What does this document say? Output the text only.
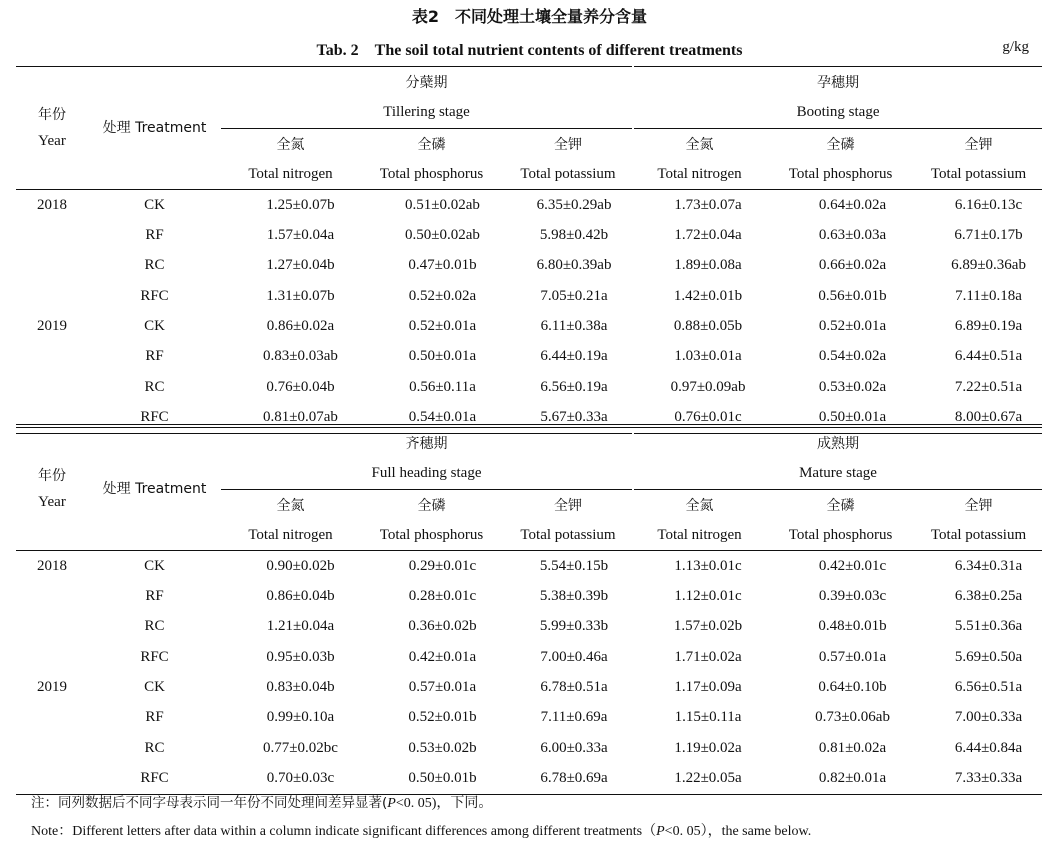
表2　不同处理土壤全量养分含量
Tab. 2　The soil total nutrient contents of different treatments	g/kg
年份
Year	处理 Treatment	分蘖期			孕穗期		
		Tillering stage			Booting stage		
		全氮	全磷	全钾	全氮	全磷	全钾
		Total nitrogen	Total phosphorus	Total potassium	Total nitrogen	Total phosphorus	Total potassium
2018	CK	1.25±0.07b	0.51±0.02ab	6.35±0.29ab	1.73±0.07a	0.64±0.02a	6.16±0.13c
	RF	1.57±0.04a	0.50±0.02ab	5.98±0.42b	1.72±0.04a	0.63±0.03a	6.71±0.17b
	RC	1.27±0.04b	0.47±0.01b	6.80±0.39ab	1.89±0.08a	0.66±0.02a	6.89±0.36ab
	RFC	1.31±0.07b	0.52±0.02a	7.05±0.21a	1.42±0.01b	0.56±0.01b	7.11±0.18a
2019	CK	0.86±0.02a	0.52±0.01a	6.11±0.38a	0.88±0.05b	0.52±0.01a	6.89±0.19a
	RF	0.83±0.03ab	0.50±0.01a	6.44±0.19a	1.03±0.01a	0.54±0.02a	6.44±0.51a
	RC	0.76±0.04b	0.56±0.11a	6.56±0.19a	0.97±0.09ab	0.53±0.02a	7.22±0.51a
	RFC	0.81±0.07ab	0.54±0.01a	5.67±0.33a	0.76±0.01c	0.50±0.01a	8.00±0.67a
年份
Year	处理 Treatment	齐穗期			成熟期		
		Full heading stage			Mature stage		
		全氮	全磷	全钾	全氮	全磷	全钾
		Total nitrogen	Total phosphorus	Total potassium	Total nitrogen	Total phosphorus	Total potassium
2018	CK	0.90±0.02b	0.29±0.01c	5.54±0.15b	1.13±0.01c	0.42±0.01c	6.34±0.31a
	RF	0.86±0.04b	0.28±0.01c	5.38±0.39b	1.12±0.01c	0.39±0.03c	6.38±0.25a
	RC	1.21±0.04a	0.36±0.02b	5.99±0.33b	1.57±0.02b	0.48±0.01b	5.51±0.36a
	RFC	0.95±0.03b	0.42±0.01a	7.00±0.46a	1.71±0.02a	0.57±0.01a	5.69±0.50a
2019	CK	0.83±0.04b	0.57±0.01a	6.78±0.51a	1.17±0.09a	0.64±0.10b	6.56±0.51a
	RF	0.99±0.10a	0.52±0.01b	7.11±0.69a	1.15±0.11a	0.73±0.06ab	7.00±0.33a
	RC	0.77±0.02bc	0.53±0.02b	6.00±0.33a	1.19±0.02a	0.81±0.02a	6.44±0.84a
	RFC	0.70±0.03c	0.50±0.01b	6.78±0.69a	1.22±0.05a	0.82±0.01a	7.33±0.33a
注：同列数据后不同字母表示同一年份不同处理间差异显著(P<0. 05)，下同。
Note：Different letters after data within a column indicate significant differences among different treatments（P<0. 05），the same below.
